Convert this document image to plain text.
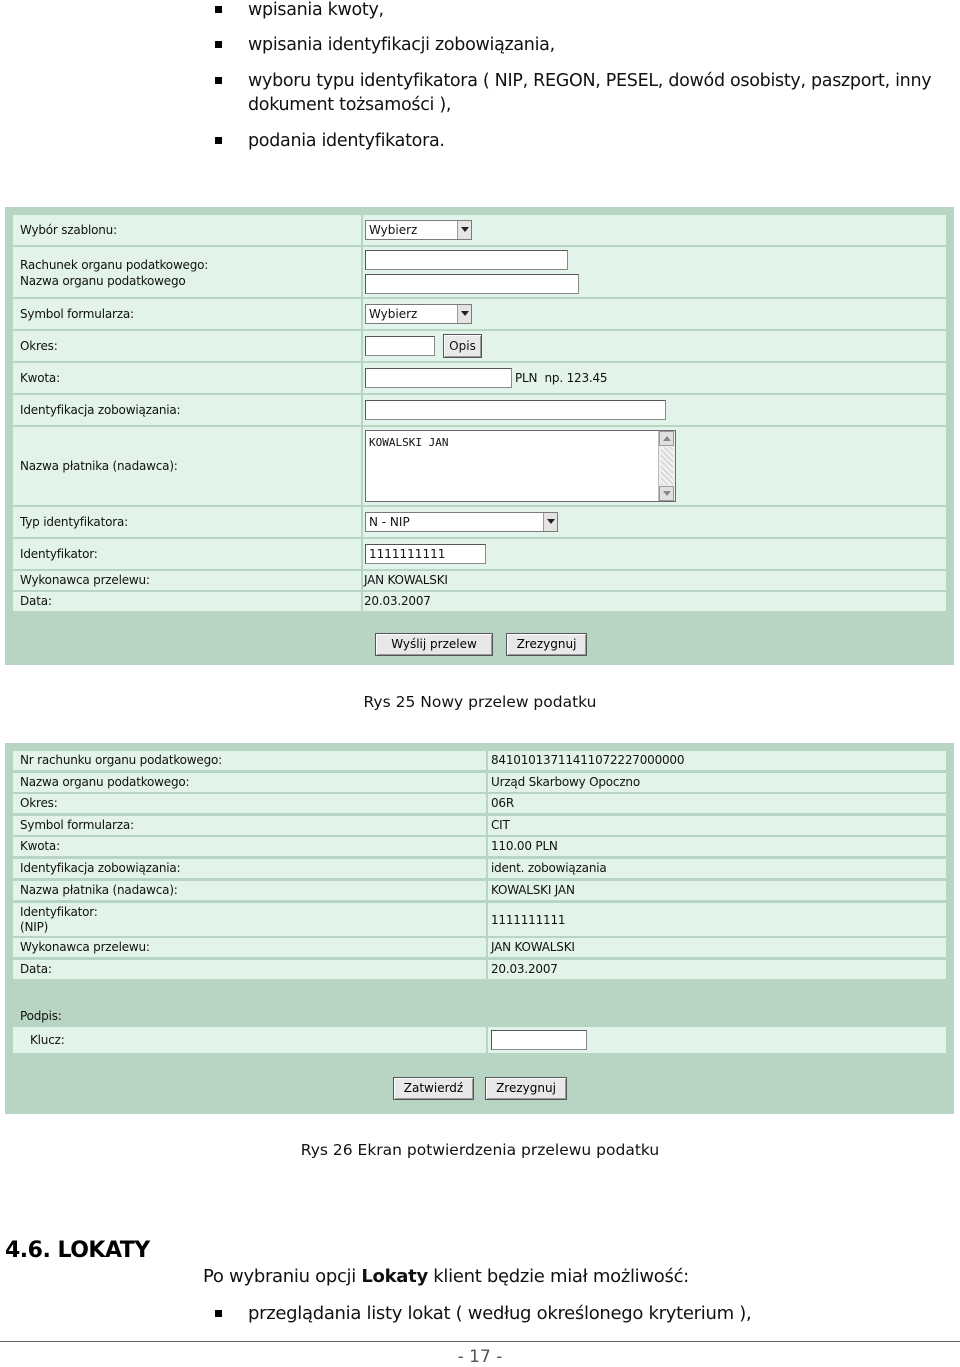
wpisania kwoty,
wpisania identyfikacji zobowiązania,
wyboru typu identyfikatora ( NIP, REGON, PESEL, dowód osobisty, paszport, inny
dokument tożsamości ),
podania identyfikatora.
Wybór szablonu:	Wybierz
Rachunek organu podatkowego:
Nazwa organu podatkowego
Symbol formularza:	Wybierz
Okres:	Opis
Kwota:	PLN  np. 123.45
Identyfikacja zobowiązania:
Nazwa płatnika (nadawca):
KOWALSKI JAN
Typ identyfikatora:	N - NIP
Identyfikator:	1111111111
Wykonawca przelewu:	JAN KOWALSKI
Data:	20.03.2007
Wyślij przelew	Zrezygnuj
Rys 25 Nowy przelew podatku
Nr rachunku organu podatkowego:	84101013711411072227000000
Nazwa organu podatkowego:	Urząd Skarbowy Opoczno
Okres:	06R
Symbol formularza:	CIT
Kwota:	110.00 PLN
Identyfikacja zobowiązania:	ident. zobowiązania
Nazwa płatnika (nadawca):	KOWALSKI JAN
Identyfikator:
(NIP)	1111111111
Wykonawca przelewu:	JAN KOWALSKI
Data:	20.03.2007
Podpis:
Klucz:
Zatwierdź	Zrezygnuj
Rys 26 Ekran potwierdzenia przelewu podatku
4.6. LOKATY
Po wybraniu opcji Lokaty klient będzie miał możliwość:
przeglądania listy lokat ( według określonego kryterium ),
- 17 -
